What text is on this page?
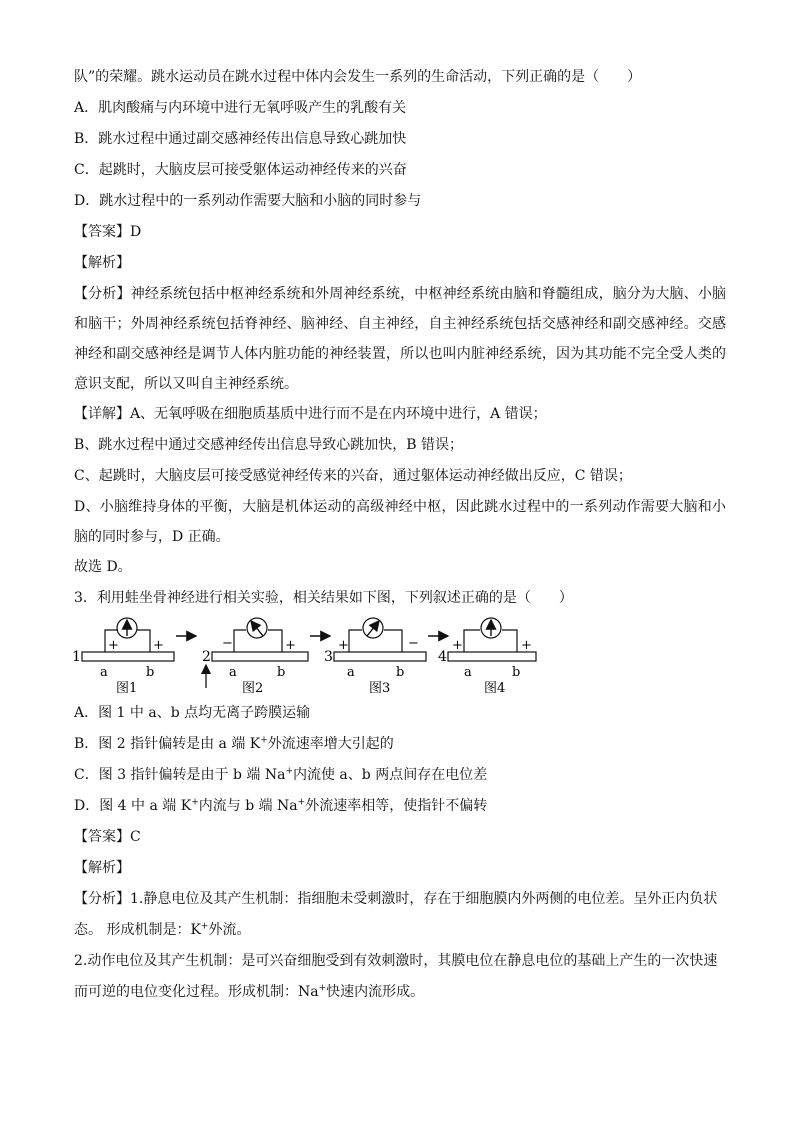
队”的荣耀。跳水运动员在跳水过程中体内会发生一系列的生命活动，下列正确的是（　　）

A．肌肉酸痛与内环境中进行无氧呼吸产生的乳酸有关

B．跳水过程中通过副交感神经传出信息导致心跳加快

C．起跳时，大脑皮层可接受躯体运动神经传来的兴奋

D．跳水过程中的一系列动作需要大脑和小脑的同时参与

【答案】D

【解析】

【分析】神经系统包括中枢神经系统和外周神经系统，中枢神经系统由脑和脊髓组成，脑分为大脑、小脑和脑干；外周神经系统包括脊神经、脑神经、自主神经，自主神经系统包括交感神经和副交感神经。交感神经和副交感神经是调节人体内脏功能的神经装置，所以也叫内脏神经系统，因为其功能不完全受人类的意识支配，所以又叫自主神经系统。

【详解】A、无氧呼吸在细胞质基质中进行而不是在内环境中进行，A 错误；

B、跳水过程中通过交感神经传出信息导致心跳加快，B 错误；

C、起跳时，大脑皮层可接受感觉神经传来的兴奋，通过躯体运动神经做出反应，C 错误；

D、小脑维持身体的平衡，大脑是机体运动的高级神经中枢，因此跳水过程中的一系列动作需要大脑和小脑的同时参与，D 正确。

故选 D。

3．利用蛙坐骨神经进行相关实验，相关结果如下图，下列叙述正确的是（　　）

1
+	+
a	b
图1
2
−	+
a	b
图2
3
+	−
a	b
图3
4
+	+
a	b
图4

A．图 1 中 a、b 点均无离子跨膜运输

B．图 2 指针偏转是由 a 端 K+外流速率增大引起的

C．图 3 指针偏转是由于 b 端 Na+内流使 a、b 两点间存在电位差

D．图 4 中 a 端 K+内流与 b 端 Na+外流速率相等，使指针不偏转

【答案】C

【解析】

【分析】1.静息电位及其产生机制：指细胞未受刺激时，存在于细胞膜内外两侧的电位差。呈外正内负状

态。 形成机制是：K+外流。

2.动作电位及其产生机制：是可兴奋细胞受到有效刺激时，其膜电位在静息电位的基础上产生的一次快速

而可逆的电位变化过程。形成机制：Na+快速内流形成。
